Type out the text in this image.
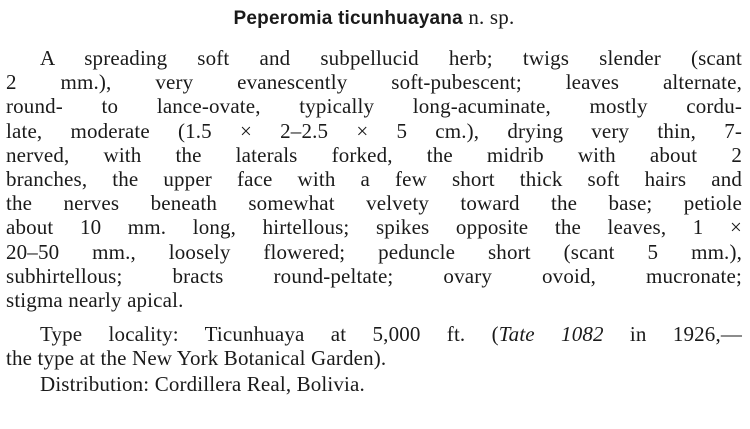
Peperomia ticunhuayana n. sp.
A spreading soft and subpellucid herb; twigs slender (scant
2 mm.), very evanescently soft-pubescent; leaves alternate,
round- to lance-ovate, typically long-acuminate, mostly cordu-
late, moderate (1.5 × 2–2.5 × 5 cm.), drying very thin, 7-
nerved, with the laterals forked, the midrib with about 2
branches, the upper face with a few short thick soft hairs and
the nerves beneath somewhat velvety toward the base; petiole
about 10 mm. long, hirtellous; spikes opposite the leaves, 1 ×
20–50 mm., loosely flowered; peduncle short (scant 5 mm.),
subhirtellous; bracts round-peltate; ovary ovoid, mucronate;
stigma nearly apical.
Type locality: Ticunhuaya at 5,000 ft. (Tate 1082 in 1926,—
the type at the New York Botanical Garden).
Distribution: Cordillera Real, Bolivia.
